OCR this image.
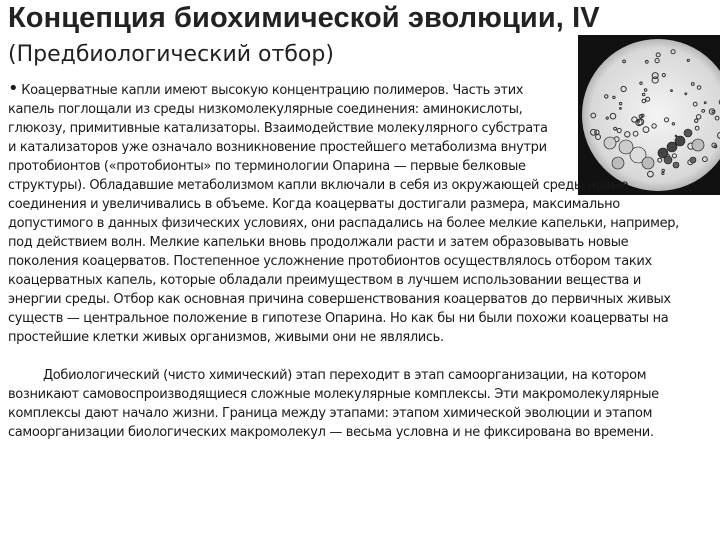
Концепция биохимической эволюции, IV
(Предбиологический отбор)
• Коацерватные капли имеют высокую концентрацию полимеров. Часть этих
капель поглощали из среды низкомолекулярные соединения: аминокислоты,
глюкозу, примитивные катализаторы. Взаимодействие молекулярного субстрата
и катализаторов уже означало возникновение простейшего метаболизма внутри
протобионтов («протобионты» по терминологии Опарина — первые белковые
структуры). Обладавшие метаболизмом капли включали в себя из окружающей среды новые
соединения и увеличивались в объеме. Когда коацерваты достигали размера, максимально
допустимого в данных физических условиях, они распадались на более мелкие капельки, например,
под действием волн. Мелкие капельки вновь продолжали расти и затем образовывать новые
поколения коацерватов. Постепенное усложнение протобионтов осуществлялось отбором таких
коацерватных капель, которые обладали преимуществом в лучшем использовании вещества и
энергии среды. Отбор как основная причина совершенствования коацерватов до первичных живых
существ — центральное положение в гипотезе Опарина. Но как бы ни были похожи коацерваты на
простейшие клетки живых организмов, живыми они не являлись.
Добиологический (чисто химический) этап переходит в этап самоорганизации, на котором
возникают самовоспроизводящиеся сложные молекулярные комплексы. Эти макромолекулярные
комплексы дают начало жизни. Граница между этапами: этапом химической эволюции и этапом
самоорганизации биологических макромолекул — весьма условна и не фиксирована во времени.
